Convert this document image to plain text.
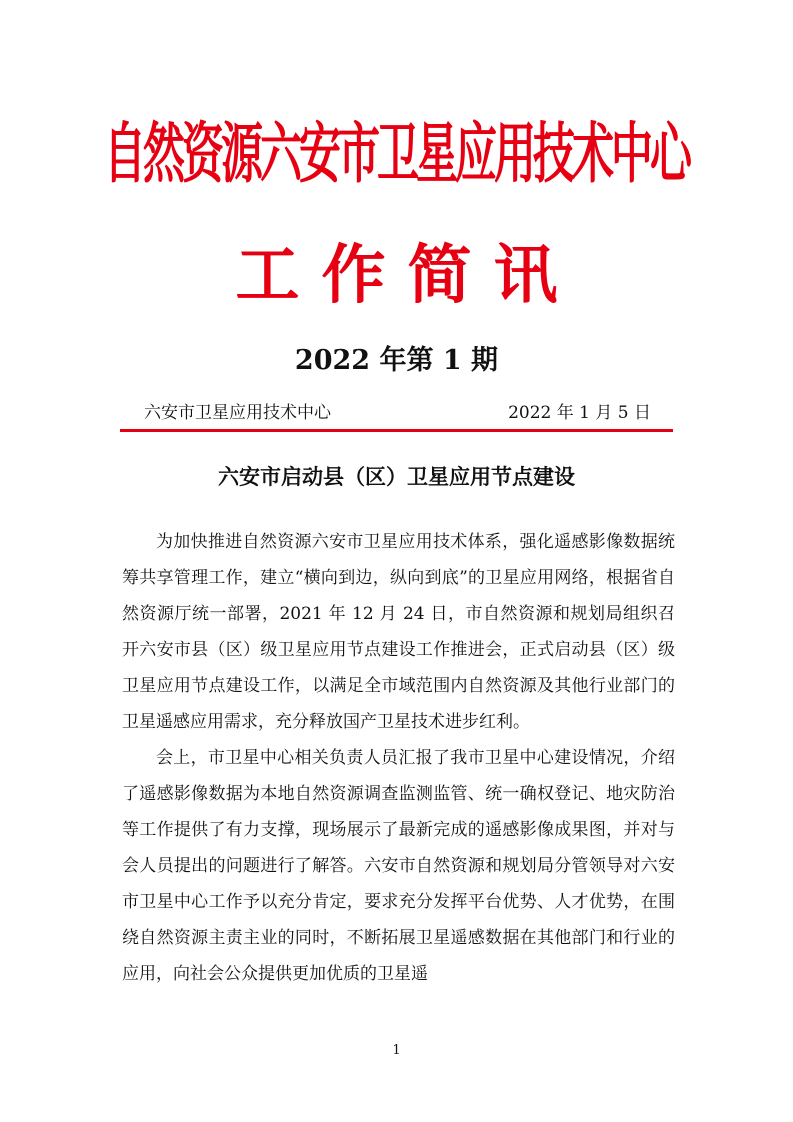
自然资源六安市卫星应用技术中心
工作简讯
2022 年第 1 期
六安市卫星应用技术中心	2022 年 1 月 5 日
六安市启动县（区）卫星应用节点建设

为加快推进自然资源六安市卫星应用技术体系，强化遥感影像数据统筹共享管理工作，建立“横向到边，纵向到底”的卫星应用网络，根据省自然资源厅统一部署，2021 年 12 月 24 日，市自然资源和规划局组织召开六安市县（区）级卫星应用节点建设工作推进会，正式启动县（区）级卫星应用节点建设工作，以满足全市域范围内自然资源及其他行业部门的卫星遥感应用需求，充分释放国产卫星技术进步红利。

会上，市卫星中心相关负责人员汇报了我市卫星中心建设情况，介绍了遥感影像数据为本地自然资源调查监测监管、统一确权登记、地灾防治等工作提供了有力支撑，现场展示了最新完成的遥感影像成果图，并对与会人员提出的问题进行了解答。六安市自然资源和规划局分管领导对六安市卫星中心工作予以充分肯定，要求充分发挥平台优势、人才优势，在围绕自然资源主责主业的同时，不断拓展卫星遥感数据在其他部门和行业的应用，向社会公众提供更加优质的卫星遥

1
